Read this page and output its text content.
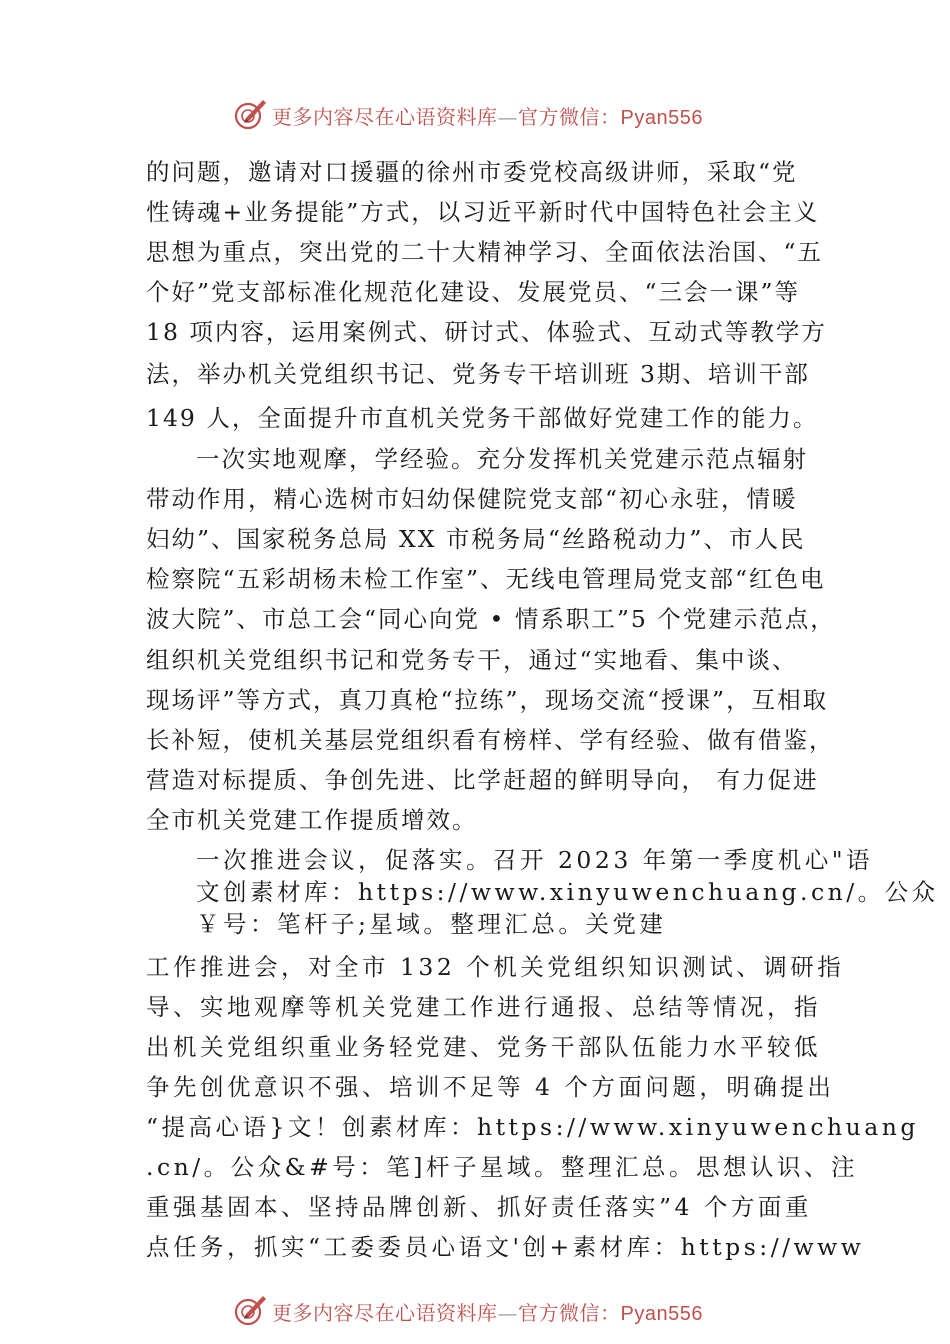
更多内容尽在心语资料库—官方微信：Pyan556
的问题，邀请对口援疆的徐州市委党校高级讲师，采取“党
性铸魂+业务提能”方式，以习近平新时代中国特色社会主义
思想为重点，突出党的二十大精神学习、全面依法治国、“五
个好”党支部标准化规范化建设、发展党员、“三会一课”等
18 项内容，运用案例式、研讨式、体验式、互动式等教学方
法，举办机关党组织书记、党务专干培训班 3期、培训干部
149 人，全面提升市直机关党务干部做好党建工作的能力。
一次实地观摩，学经验。充分发挥机关党建示范点辐射
带动作用，精心选树市妇幼保健院党支部“初心永驻，情暖
妇幼”、国家税务总局 XX 市税务局“丝路税动力”、市人民
检察院“五彩胡杨未检工作室”、无线电管理局党支部“红色电
波大院”、市总工会“同心向党 • 情系职工”5 个党建示范点，
组织机关党组织书记和党务专干，通过“实地看、集中谈、
现场评”等方式，真刀真枪“拉练”，现场交流“授课”，互相取
长补短，使机关基层党组织看有榜样、学有经验、做有借鉴，
营造对标提质、争创先进、比学赶超的鲜明导向， 有力促进
全市机关党建工作提质增效。
一次推进会议，促落实。召开 2023 年第一季度机心"语
文创素材库：https://www.xinyuwenchuang.cn/。公众
￥号：笔杆子;星域。整理汇总。关党建
工作推进会，对全市 132 个机关党组织知识测试、调研指
导、实地观摩等机关党建工作进行通报、总结等情况，指
出机关党组织重业务轻党建、党务干部队伍能力水平较低
争先创优意识不强、培训不足等 4 个方面问题，明确提出
“提高心语}文！创素材库：https://www.xinyuwenchuang
.cn/。公众&#号：笔]杆子星域。整理汇总。思想认识、注
重强基固本、坚持品牌创新、抓好责任落实”4 个方面重
点任务，抓实“工委委员心语文'创+素材库：https://www
更多内容尽在心语资料库—官方微信：Pyan556
